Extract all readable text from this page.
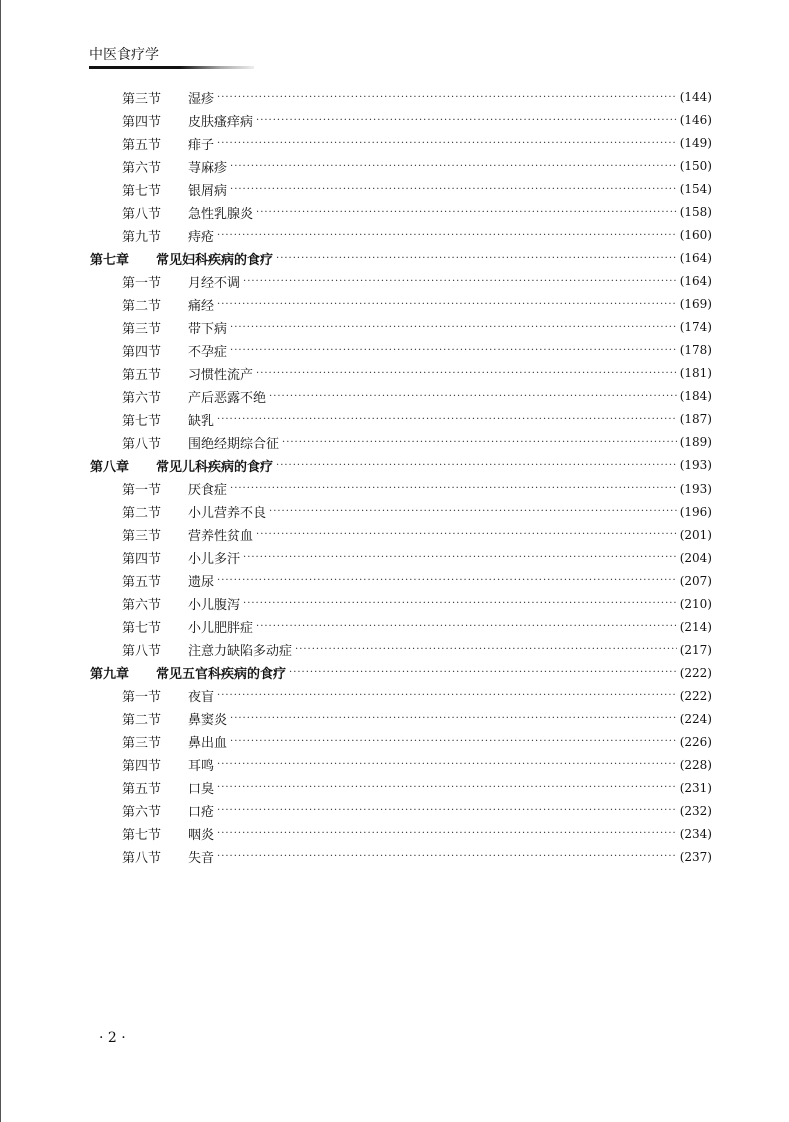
中医食疗学
第三节	湿疹 ·····	(144)
第四节	皮肤瘙痒病 ·····	(146)
第五节	痱子 ·····	(149)
第六节	荨麻疹 ·····	(150)
第七节	银屑病 ·····	(154)
第八节	急性乳腺炎 ·····	(158)
第九节	痔疮 ·····	(160)
第七章	常见妇科疾病的食疗 ·····	(164)
第一节	月经不调 ·····	(164)
第二节	痛经 ·····	(169)
第三节	带下病 ·····	(174)
第四节	不孕症 ·····	(178)
第五节	习惯性流产 ·····	(181)
第六节	产后恶露不绝 ·····	(184)
第七节	缺乳 ·····	(187)
第八节	围绝经期综合征 ·····	(189)
第八章	常见儿科疾病的食疗 ·····	(193)
第一节	厌食症 ·····	(193)
第二节	小儿营养不良 ·····	(196)
第三节	营养性贫血 ·····	(201)
第四节	小儿多汗 ·····	(204)
第五节	遗尿 ·····	(207)
第六节	小儿腹泻 ·····	(210)
第七节	小儿肥胖症 ·····	(214)
第八节	注意力缺陷多动症 ·····	(217)
第九章	常见五官科疾病的食疗 ·····	(222)
第一节	夜盲 ·····	(222)
第二节	鼻窦炎 ·····	(224)
第三节	鼻出血 ·····	(226)
第四节	耳鸣 ·····	(228)
第五节	口臭 ·····	(231)
第六节	口疮 ·····	(232)
第七节	咽炎 ·····	(234)
第八节	失音 ·····	(237)
· 2 ·
